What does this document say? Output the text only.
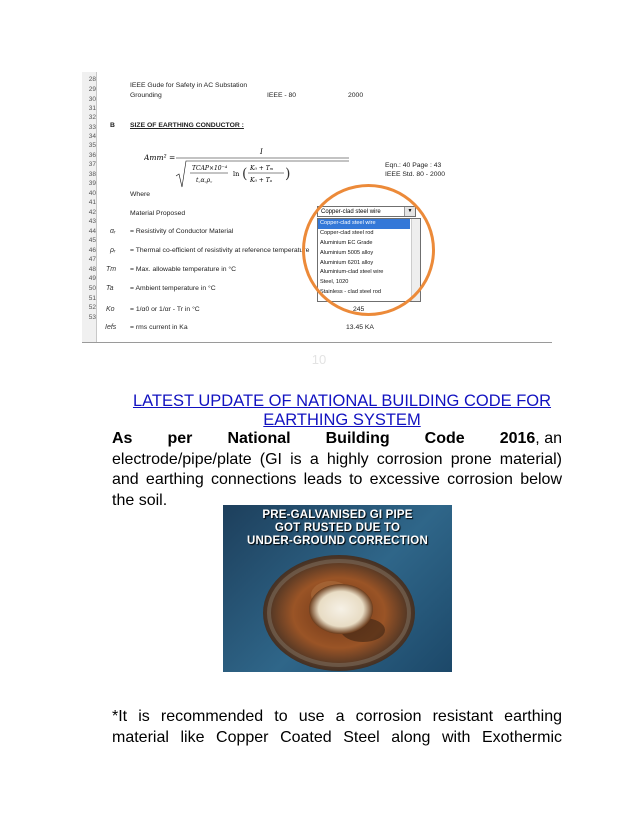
28
29
30
31
32
33
34
35
36
37
38
39
40
41
42
43
44
45
46
47
48
49
50
51
52
53
IEEE Gude for Safety in AC Substation
Grounding	IEEE - 80	2000
B SIZE OF EARTHING CONDUCTOR :
Amm² =
I
TCAP×10⁻⁴
t꜀α꜀ρ꜀
ln ( K₀ + Tₘ
K₀ + Tₐ )
Eqn.: 40 Page : 43
IEEE Std. 80 - 2000
Where
Material Proposed
αᵣ = Resistivity of Conductor Material
ρᵣ = Thermal co-efficient of resistivity at reference temperature
Tm = Max. allowable temperature in °C
Ta = Ambient temperature in °C
Ko = 1/α0 or 1/αr - Tr in °C	245
Iefs = rms current in Ka	13.45 KA
Copper-clad steel wire	▼
Copper-clad steel wire
Copper-clad steel rod
Aluminium EC Grade
Aluminium 5005 alloy
Aluminium 6201 alloy
Aluminium-clad steel wire
Steel, 1020
Stainless - clad steel rod
10
LATEST UPDATE OF NATIONAL BUILDING CODE FOR EARTHING SYSTEM
As per National Building Code 2016, an
electrode/pipe/plate (GI is a highly corrosion prone material)
and earthing connections leads to excessive corrosion below
the soil.
PRE-GALVANISED GI PIPE
GOT RUSTED DUE TO
UNDER-GROUND CORRECTION
*It is recommended to use a corrosion resistant earthing
material like Copper Coated Steel along with Exothermic
